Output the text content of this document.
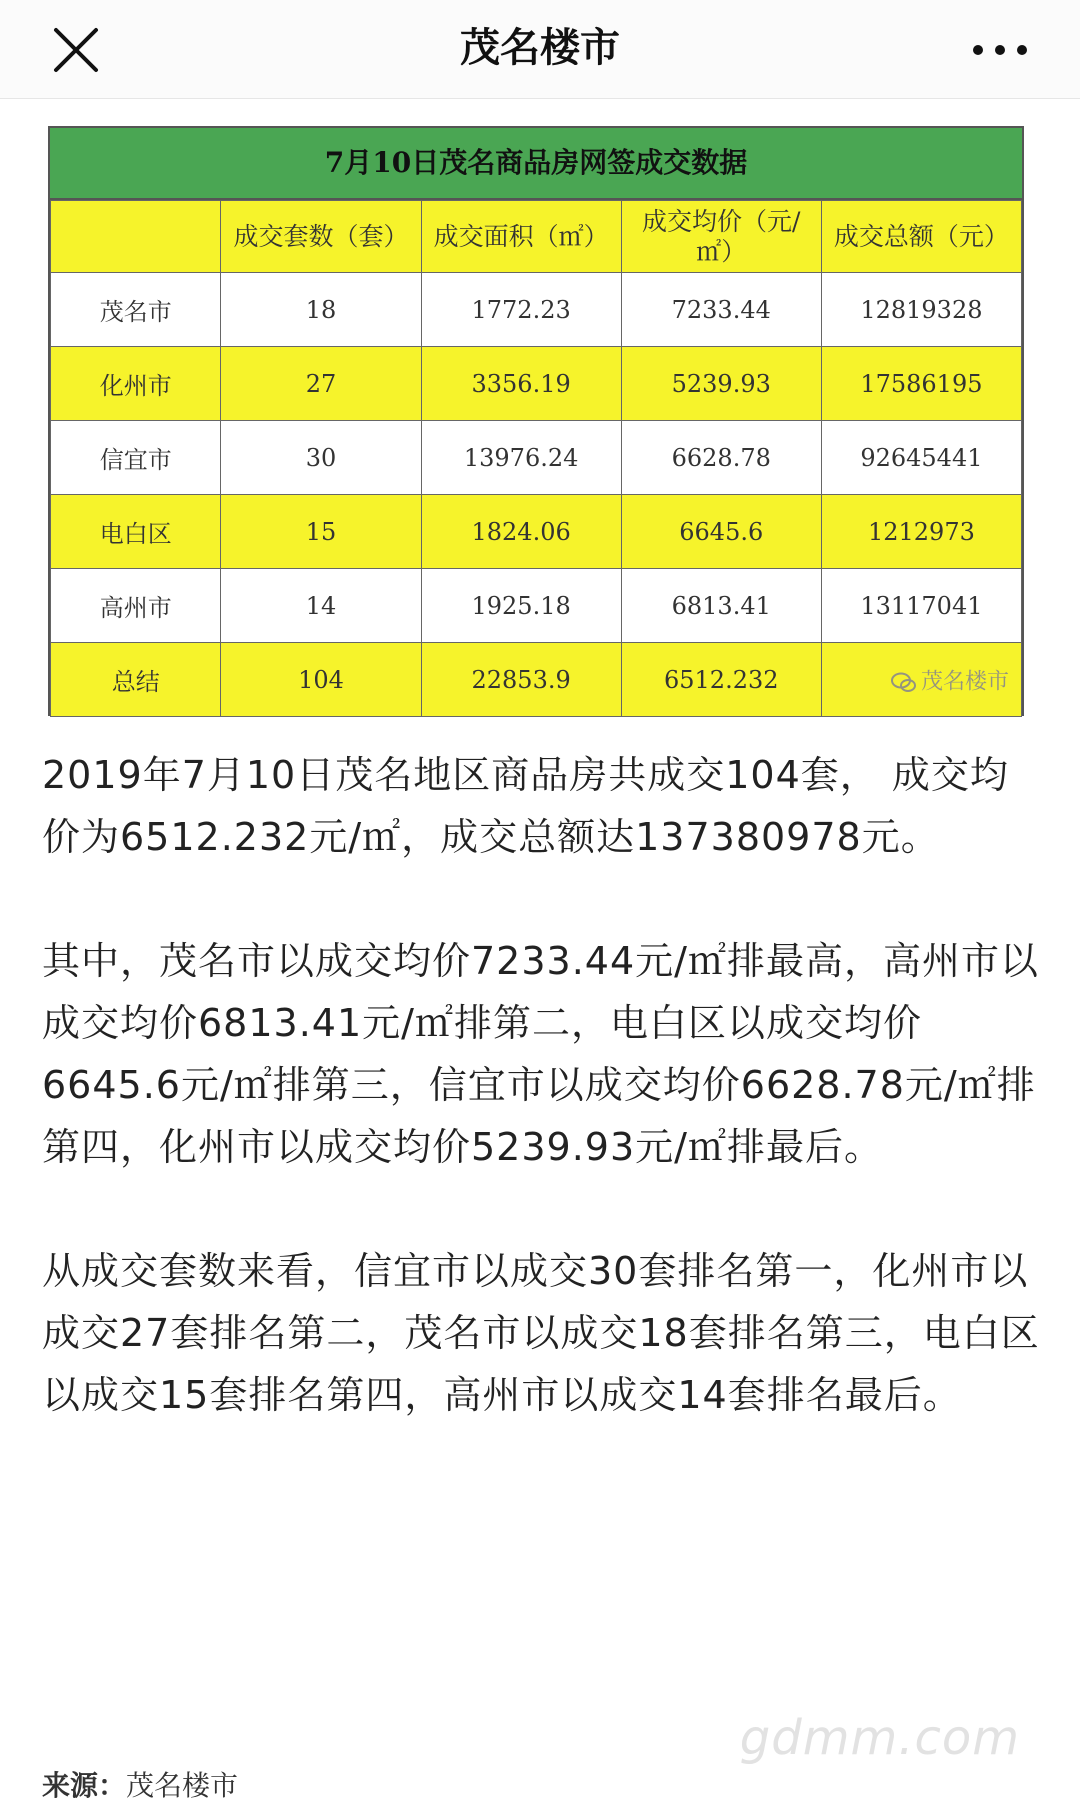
茂名楼市
7月10日茂名商品房网签成交数据
	成交套数（套）	成交面积（㎡）	成交均价（元/㎡）	成交总额（元）
茂名市	18	1772.23	7233.44	12819328
化州市	27	3356.19	5239.93	17586195
信宜市	30	13976.24	6628.78	92645441
电白区	15	1824.06	6645.6	1212973
高州市	14	1925.18	6813.41	13117041
总结	104	22853.9	6512.232	茂名楼市

2019年7月10日茂名地区商品房共成交104套， 成交均价为6512.232元/㎡，成交总额达137380978元。

其中，茂名市以成交均价7233.44元/㎡排最高，高州市以成交均价6813.41元/㎡排第二，电白区以成交均价6645.6元/㎡排第三，信宜市以成交均价6628.78元/㎡排第四，化州市以成交均价5239.93元/㎡排最后。

从成交套数来看，信宜市以成交30套排名第一，化州市以成交27套排名第二，茂名市以成交18套排名第三，电白区以成交15套排名第四，高州市以成交14套排名最后。

gdmm.com
来源：茂名楼市
